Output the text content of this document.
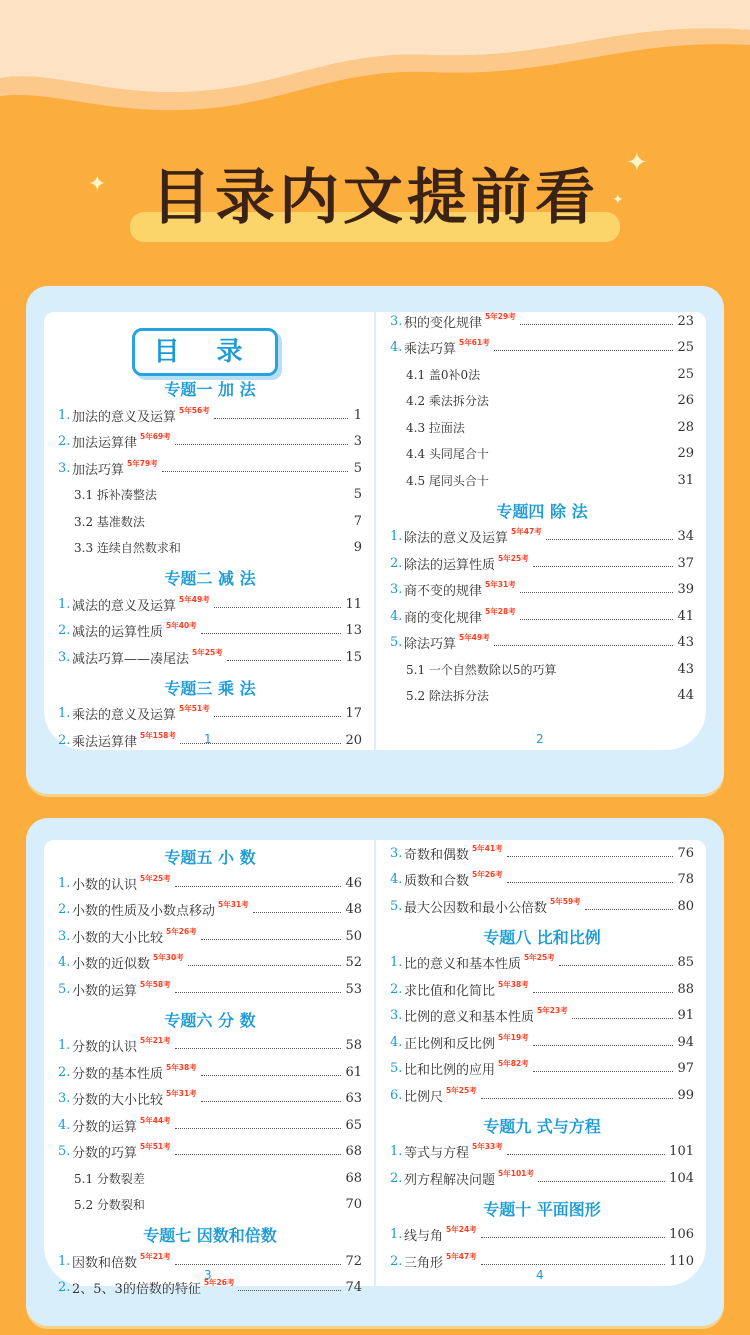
✦
✦
✦
目录内文提前看
目 录
专题一 加 法
1. 加法的意义及运算 5年56考	1
2. 加法运算律 5年69考	3
3. 加法巧算 5年79考	5
3.1 拆补凑整法	5
3.2 基准数法	7
3.3 连续自然数求和	9
专题二 减 法
1. 减法的意义及运算 5年49考	11
2. 减法的运算性质 5年40考	13
3. 减法巧算——凑尾法 5年25考	15
专题三 乘 法
1. 乘法的意义及运算 5年51考	17
2. 乘法运算律 5年158考	20
1
3. 积的变化规律 5年29考	23
4. 乘法巧算 5年61考	25
4.1 盖0补0法	25
4.2 乘法拆分法	26
4.3 拉面法	28
4.4 头同尾合十	29
4.5 尾同头合十	31
专题四 除 法
1. 除法的意义及运算 5年47考	34
2. 除法的运算性质 5年25考	37
3. 商不变的规律 5年31考	39
4. 商的变化规律 5年28考	41
5. 除法巧算 5年49考	43
5.1 一个自然数除以5的巧算	43
5.2 除法拆分法	44
2
专题五 小 数
1. 小数的认识 5年25考	46
2. 小数的性质及小数点移动 5年31考	48
3. 小数的大小比较 5年26考	50
4. 小数的近似数 5年30考	52
5. 小数的运算 5年58考	53
专题六 分 数
1. 分数的认识 5年21考	58
2. 分数的基本性质 5年38考	61
3. 分数的大小比较 5年31考	63
4. 分数的运算 5年44考	65
5. 分数的巧算 5年51考	68
5.1 分数裂差	68
5.2 分数裂和	70
专题七 因数和倍数
1. 因数和倍数 5年21考	72
2. 2、5、3的倍数的特征 5年26考	74
3
3. 奇数和偶数 5年41考	76
4. 质数和合数 5年26考	78
5. 最大公因数和最小公倍数 5年59考	80
专题八 比和比例
1. 比的意义和基本性质 5年25考	85
2. 求比值和化简比 5年38考	88
3. 比例的意义和基本性质 5年23考	91
4. 正比例和反比例 5年19考	94
5. 比和比例的应用 5年82考	97
6. 比例尺 5年25考	99
专题九 式与方程
1. 等式与方程 5年33考	101
2. 列方程解决问题 5年101考	104
专题十 平面图形
1. 线与角 5年24考	106
2. 三角形 5年47考	110
4
